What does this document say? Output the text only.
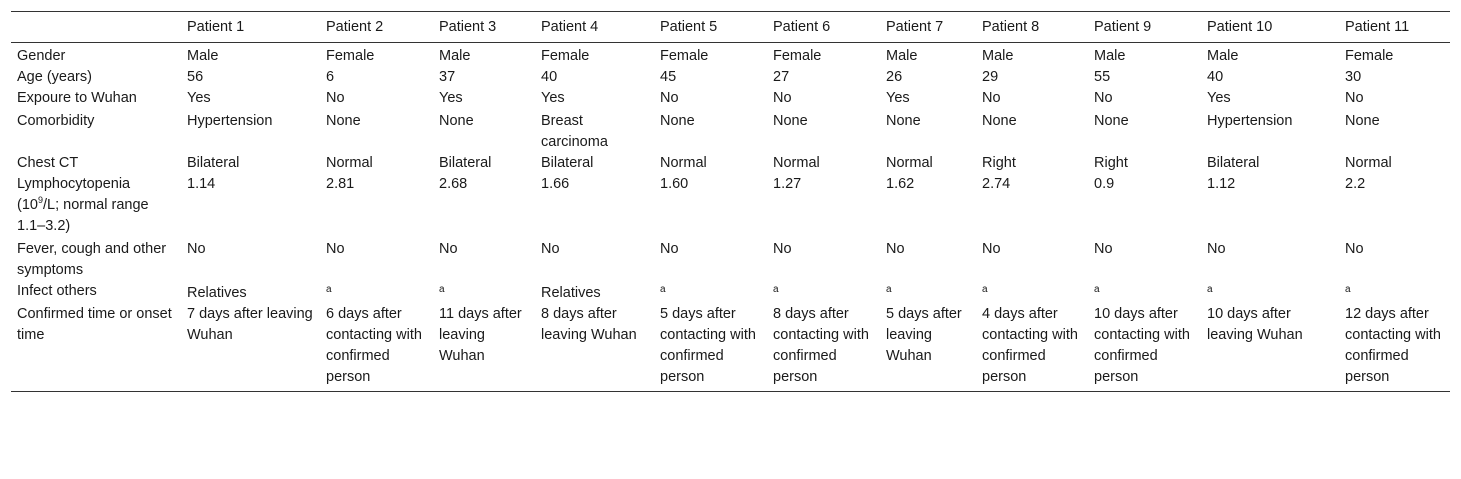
	Patient 1	Patient 2	Patient 3	Patient 4	Patient 5	Patient 6	Patient 7	Patient 8	Patient 9	Patient 10	Patient 11
Gender	Male	Female	Male	Female	Female	Female	Male	Male	Male	Male	Female
Age (years)	56	6	37	40	45	27	26	29	55	40	30
Expoure to Wuhan	Yes	No	Yes	Yes	No	No	Yes	No	No	Yes	No
Comorbidity	Hypertension	None	None	Breast carcinoma	None	None	None	None	None	Hypertension	None
Chest CT	Bilateral	Normal	Bilateral	Bilateral	Normal	Normal	Normal	Right	Right	Bilateral	Normal
Lymphocytopenia ($10^9/L$; normal range 1.1–3.2)	1.14	2.81	2.68	1.66	1.60	1.27	1.62	2.74	0.9	1.12	2.2
Fever, cough and other symptoms	No	No	No	No	No	No	No	No	No	No	No
Infect others	Relatives	a	a	Relatives	a	a	a	a	a	a	a
Confirmed time or onset time	7 days after leaving Wuhan	6 days after contacting with confirmed person	11 days after leaving Wuhan	8 days after leaving Wuhan	5 days after contacting with confirmed person	8 days after contacting with confirmed person	5 days after leaving Wuhan	4 days after contacting with confirmed person	10 days after contacting with confirmed person	10 days after leaving Wuhan	12 days after contacting with confirmed person
